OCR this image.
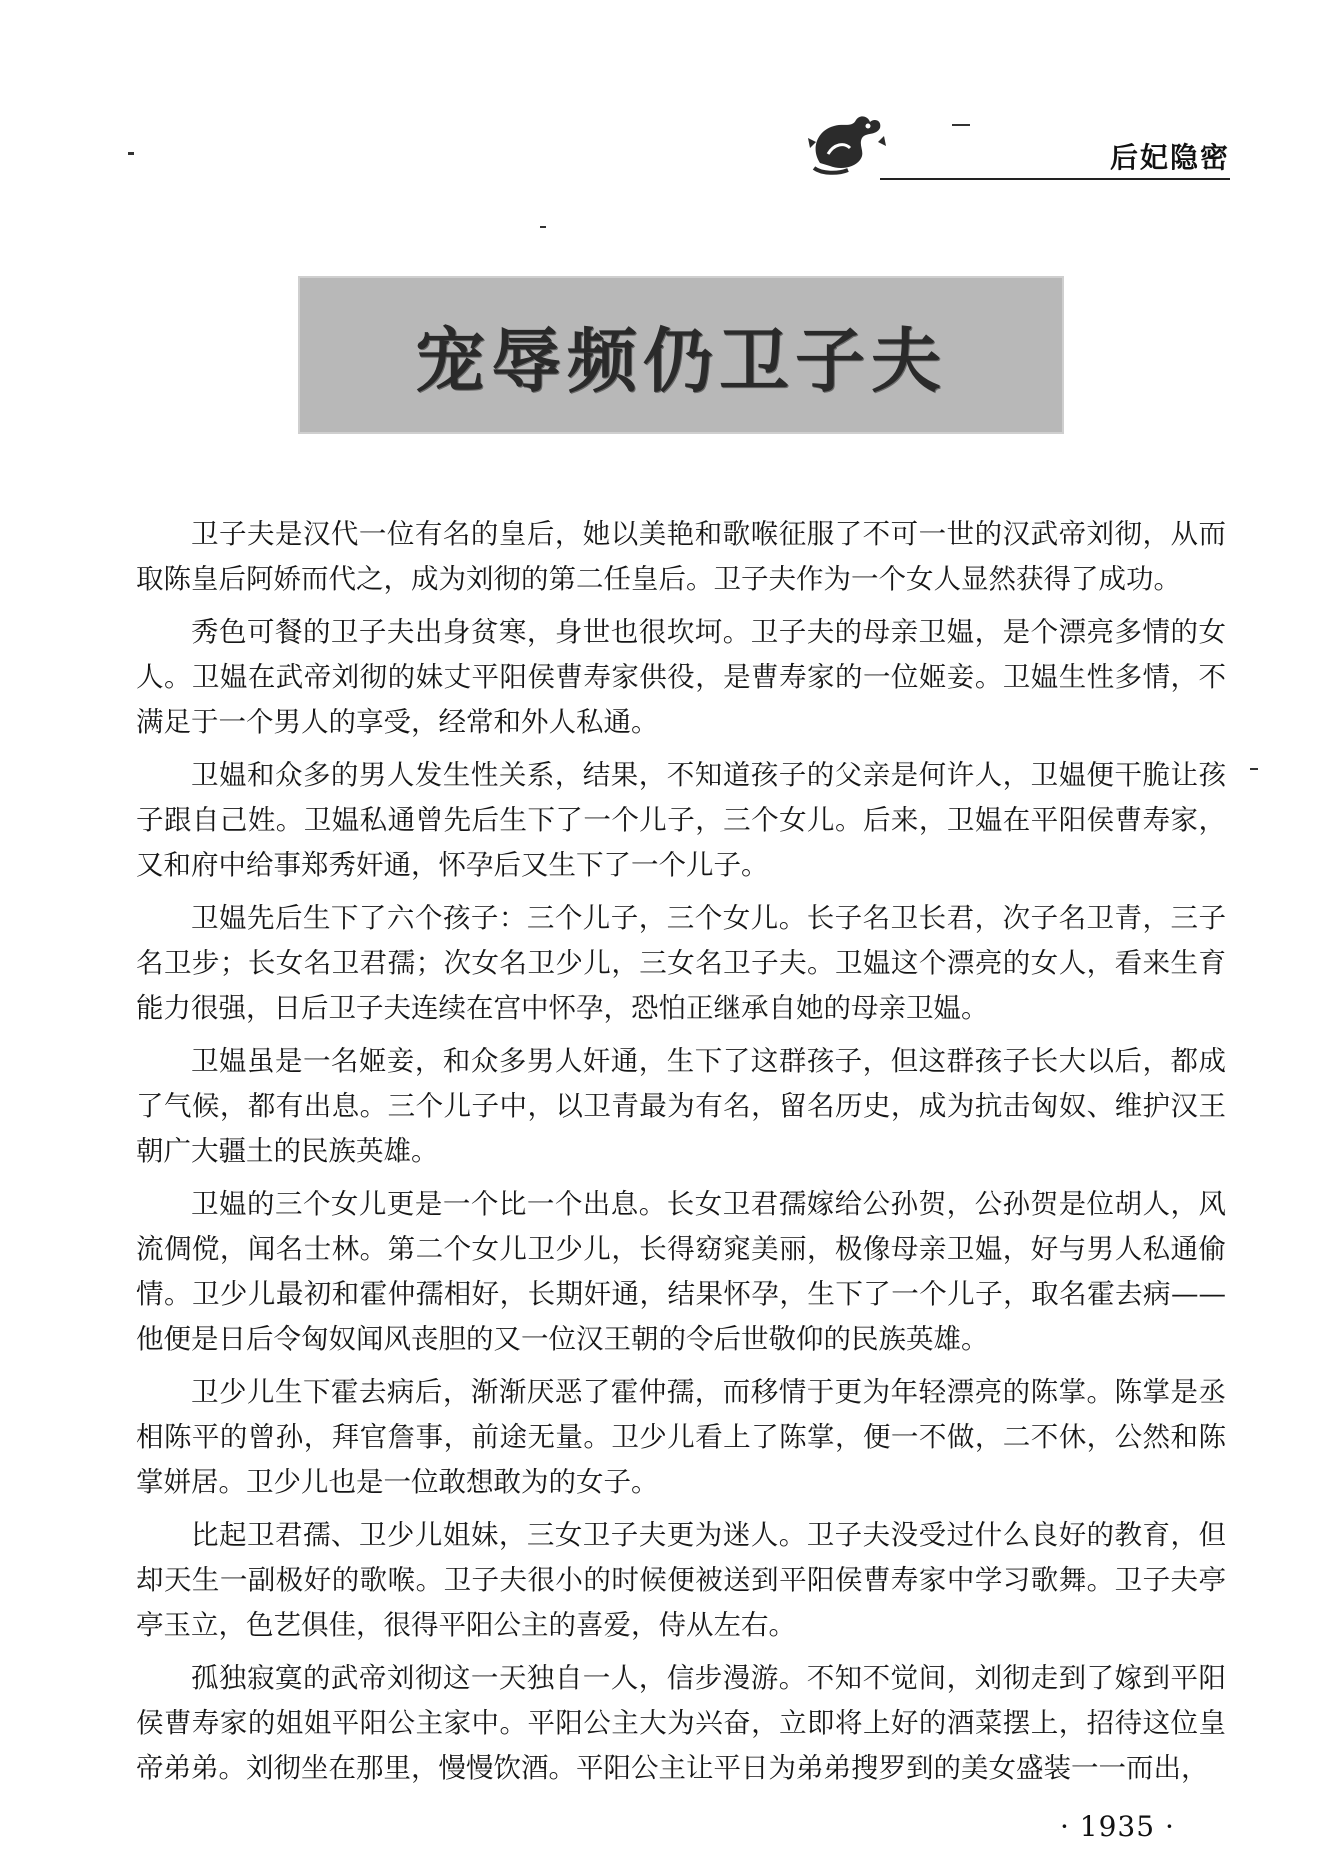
后妃隐密
宠辱频仍卫子夫

卫子夫是汉代一位有名的皇后，她以美艳和歌喉征服了不可一世的汉武帝刘彻，从而取陈皇后阿娇而代之，成为刘彻的第二任皇后。卫子夫作为一个女人显然获得了成功。

秀色可餐的卫子夫出身贫寒，身世也很坎坷。卫子夫的母亲卫媪，是个漂亮多情的女人。卫媪在武帝刘彻的妹丈平阳侯曹寿家供役，是曹寿家的一位姬妾。卫媪生性多情，不满足于一个男人的享受，经常和外人私通。

卫媪和众多的男人发生性关系，结果，不知道孩子的父亲是何许人，卫媪便干脆让孩子跟自己姓。卫媪私通曾先后生下了一个儿子，三个女儿。后来，卫媪在平阳侯曹寿家，又和府中给事郑秀奸通，怀孕后又生下了一个儿子。

卫媪先后生下了六个孩子：三个儿子，三个女儿。长子名卫长君，次子名卫青，三子名卫步；长女名卫君孺；次女名卫少儿，三女名卫子夫。卫媪这个漂亮的女人，看来生育能力很强，日后卫子夫连续在宫中怀孕，恐怕正继承自她的母亲卫媪。

卫媪虽是一名姬妾，和众多男人奸通，生下了这群孩子，但这群孩子长大以后，都成了气候，都有出息。三个儿子中，以卫青最为有名，留名历史，成为抗击匈奴、维护汉王朝广大疆土的民族英雄。

卫媪的三个女儿更是一个比一个出息。长女卫君孺嫁给公孙贺，公孙贺是位胡人，风流倜傥，闻名士林。第二个女儿卫少儿，长得窈窕美丽，极像母亲卫媪，好与男人私通偷情。卫少儿最初和霍仲孺相好，长期奸通，结果怀孕，生下了一个儿子，取名霍去病——他便是日后令匈奴闻风丧胆的又一位汉王朝的令后世敬仰的民族英雄。

卫少儿生下霍去病后，渐渐厌恶了霍仲孺，而移情于更为年轻漂亮的陈掌。陈掌是丞相陈平的曾孙，拜官詹事，前途无量。卫少儿看上了陈掌，便一不做，二不休，公然和陈掌姘居。卫少儿也是一位敢想敢为的女子。

比起卫君孺、卫少儿姐妹，三女卫子夫更为迷人。卫子夫没受过什么良好的教育，但却天生一副极好的歌喉。卫子夫很小的时候便被送到平阳侯曹寿家中学习歌舞。卫子夫亭亭玉立，色艺俱佳，很得平阳公主的喜爱，侍从左右。

孤独寂寞的武帝刘彻这一天独自一人，信步漫游。不知不觉间，刘彻走到了嫁到平阳侯曹寿家的姐姐平阳公主家中。平阳公主大为兴奋，立即将上好的酒菜摆上，招待这位皇帝弟弟。刘彻坐在那里，慢慢饮酒。平阳公主让平日为弟弟搜罗到的美女盛装一一而出，

· 1935 ·
